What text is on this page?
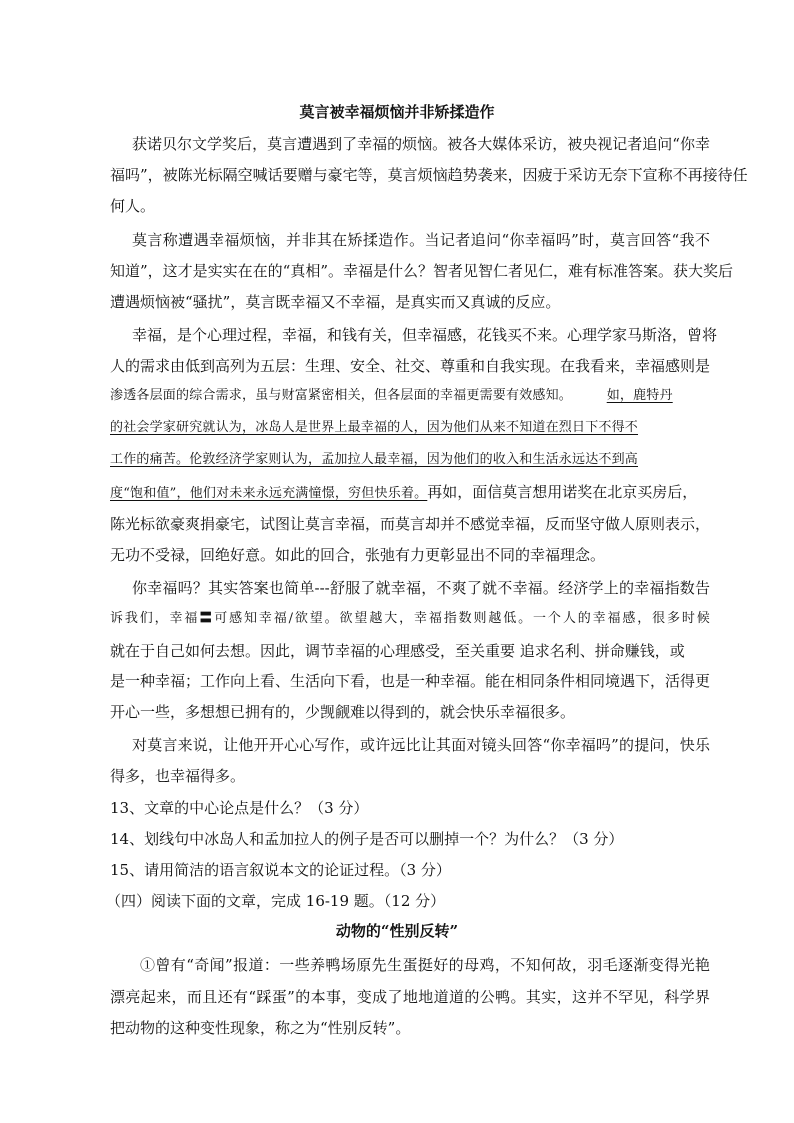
莫言被幸福烦恼并非矫揉造作
获诺贝尔文学奖后，莫言遭遇到了幸福的烦恼。被各大媒体采访，被央视记者追问“你幸
福吗”，被陈光标隔空喊话要赠与豪宅等，莫言烦恼趋势袭来，因疲于采访无奈下宣称不再接待任
何人。
莫言称遭遇幸福烦恼，并非其在矫揉造作。当记者追问“你幸福吗”时，莫言回答“我不
知道”，这才是实实在在的“真相”。幸福是什么？智者见智仁者见仁，难有标准答案。获大奖后
遭遇烦恼被“骚扰”，莫言既幸福又不幸福，是真实而又真诚的反应。
幸福，是个心理过程，幸福，和钱有关，但幸福感，花钱买不来。心理学家马斯洛，曾将
人的需求由低到高列为五层：生理、安全、社交、尊重和自我实现。在我看来，幸福感则是
渗透各层面的综合需求，虽与财富紧密相关，但各层面的幸福更需要有效感知。	如，鹿特丹
的社会学家研究就认为，冰岛人是世界上最幸福的人，因为他们从来不知道在烈日下不得不
工作的痛苦。伦敦经济学家则认为，孟加拉人最幸福，因为他们的收入和生活永远达不到高
度“饱和值”，他们对未来永远充满憧憬，穷但快乐着。再如，面信莫言想用诺奖在北京买房后，
陈光标欲豪爽捐豪宅，试图让莫言幸福，而莫言却并不感觉幸福，反而坚守做人原则表示，
无功不受禄，回绝好意。如此的回合，张弛有力更彰显出不同的幸福理念。
你幸福吗？其实答案也简单---舒服了就幸福，不爽了就不幸福。经济学上的幸福指数告
诉我们，幸福〓可感知幸福/欲望。欲望越大，幸福指数则越低。一个人的幸福感，很多时候
就在于自己如何去想。因此，调节幸福的心理感受，至关重要 追求名利、拼命赚钱，或
是一种幸福；工作向上看、生活向下看，也是一种幸福。能在相同条件相同境遇下，活得更
开心一些，多想想已拥有的，少觊觎难以得到的，就会快乐幸福很多。
对莫言来说，让他开开心心写作，或许远比让其面对镜头回答“你幸福吗”的提问，快乐
得多，也幸福得多。
13、文章的中心论点是什么？（3 分）
14、划线句中冰岛人和孟加拉人的例子是否可以删掉一个？为什么？（3 分）
15、请用简洁的语言叙说本文的论证过程。（3 分）
（四）阅读下面的文章，完成 16-19 题。（12 分）
动物的“性别反转”
①曾有“奇闻”报道：一些养鸭场原先生蛋挺好的母鸡，不知何故，羽毛逐渐变得光艳
漂亮起来，而且还有“踩蛋”的本事，变成了地地道道的公鸭。其实，这并不罕见，科学界
把动物的这种变性现象，称之为“性别反转”。
